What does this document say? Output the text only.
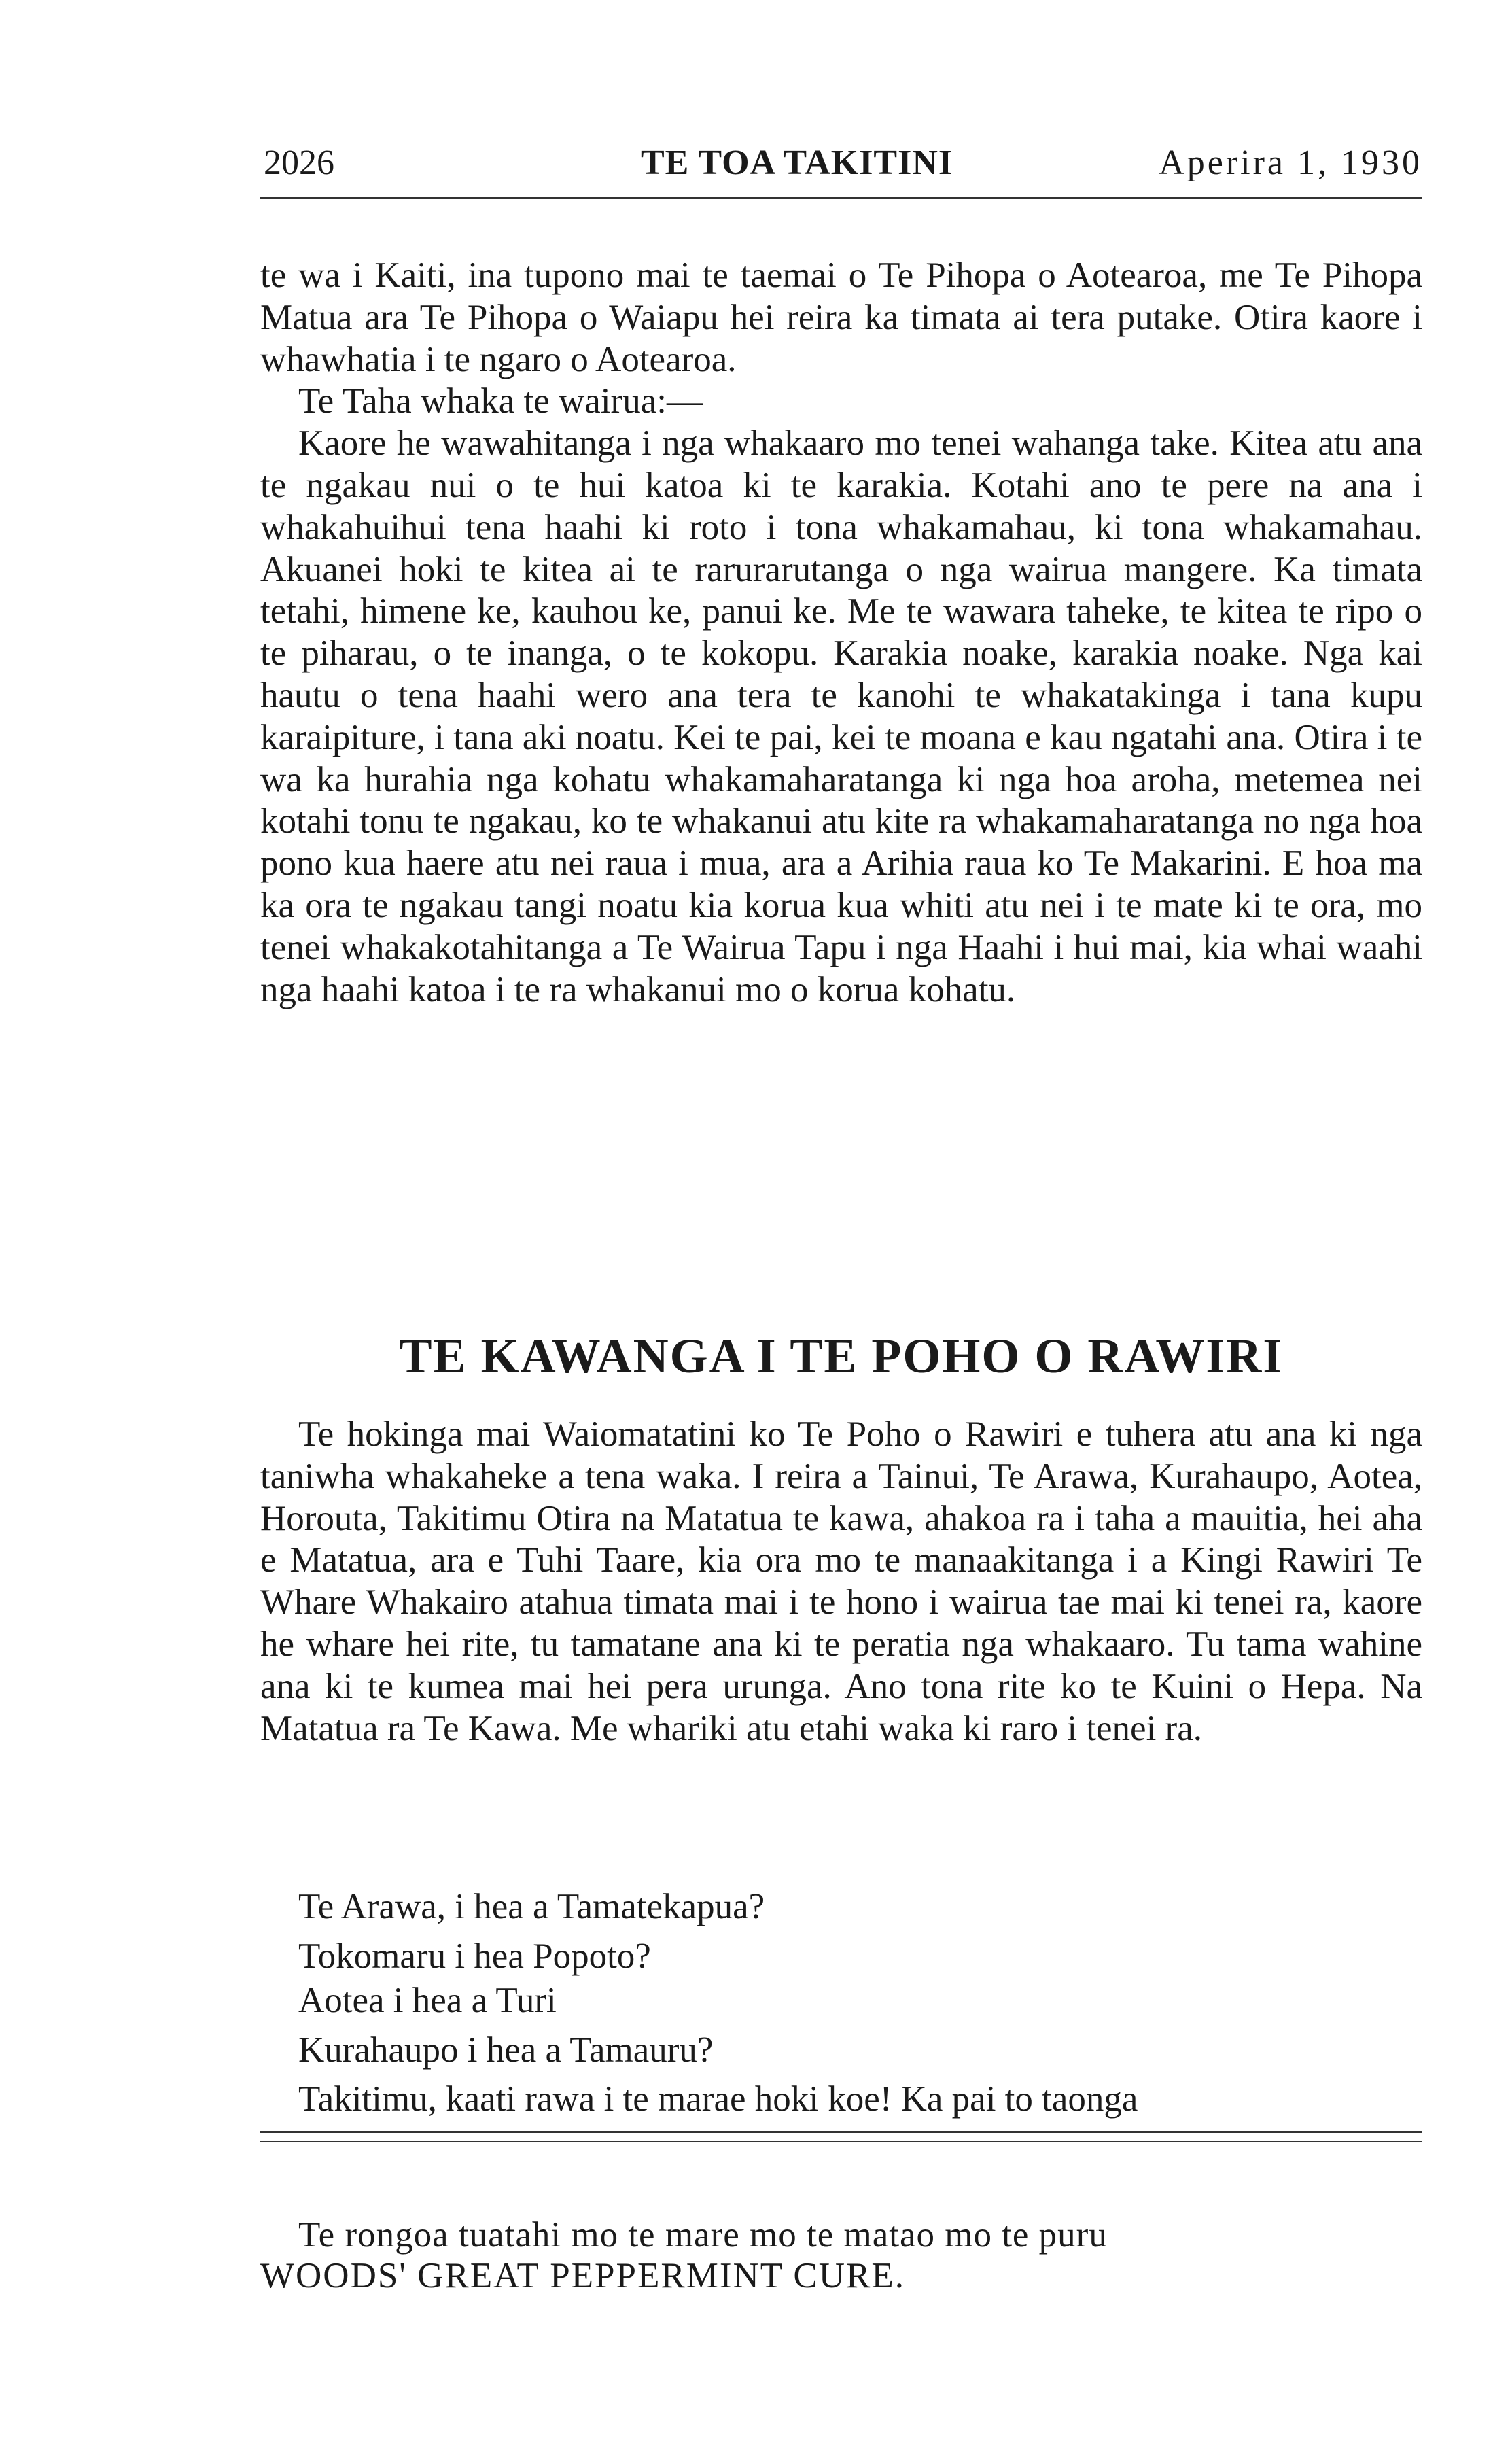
2026	TE TOA TAKITINI	Aperira 1, 1930

te wa i Kaiti, ina tupono mai te taemai o Te Pihopa o Aotearoa, me Te Pihopa Matua ara Te Pihopa o Waiapu hei reira ka timata ai tera putake. Otira kaore i whawhatia i te ngaro o Aotearoa.

Te Taha whaka te wairua:—

Kaore he wawahitanga i nga whakaaro mo tenei wahanga take. Kitea atu ana te ngakau nui o te hui katoa ki te karakia. Kotahi ano te pere na ana i whakahuihui tena haahi ki roto i tona whakamahau, ki tona whakamahau. Akuanei hoki te kitea ai te rarurarutanga o nga wairua mangere. Ka timata tetahi, himene ke, kauhou ke, panui ke. Me te wawara taheke, te kitea te ripo o te piharau, o te inanga, o te kokopu. Karakia noake, karakia noake. Nga kai hautu o tena haahi wero ana tera te kanohi te whakatakinga i tana kupu karaipiture, i tana aki noatu. Kei te pai, kei te moana e kau ngatahi ana. Otira i te wa ka hurahia nga kohatu whakamaharatanga ki nga hoa aroha, metemea nei kotahi tonu te ngakau, ko te whakanui atu kite ra whakamaharatanga no nga hoa pono kua haere atu nei raua i mua, ara a Arihia raua ko Te Makarini. E hoa ma ka ora te ngakau tangi noatu kia korua kua whiti atu nei i te mate ki te ora, mo tenei whakakotahitanga a Te Wairua Tapu i nga Haahi i hui mai, kia whai waahi nga haahi katoa i te ra whakanui mo o korua kohatu.

TE KAWANGA I TE POHO O RAWIRI

Te hokinga mai Waiomatatini ko Te Poho o Rawiri e tuhera atu ana ki nga taniwha whakaheke a tena waka. I reira a Tainui, Te Arawa, Kurahaupo, Aotea, Horouta, Takitimu Otira na Matatua te kawa, ahakoa ra i taha a mauitia, hei aha e Matatua, ara e Tuhi Taare, kia ora mo te manaakitanga i a Kingi Rawiri Te Whare Whakairo atahua timata mai i te hono i wairua tae mai ki tenei ra, kaore he whare hei rite, tu tamatane ana ki te peratia nga whakaaro. Tu tama wahine ana ki te kumea mai hei pera urunga. Ano tona rite ko te Kuini o Hepa. Na Matatua ra Te Kawa. Me whariki atu etahi waka ki raro i tenei ra.

Te Arawa, i hea a Tamatekapua?
Tokomaru i hea Popoto?
Aotea i hea a Turi
Kurahaupo i hea a Tamauru?
Takitimu, kaati rawa i te marae hoki koe! Ka pai to taonga
Te rongoa tuatahi mo te mare mo te matao mo te puru
WOODS' GREAT PEPPERMINT CURE.
